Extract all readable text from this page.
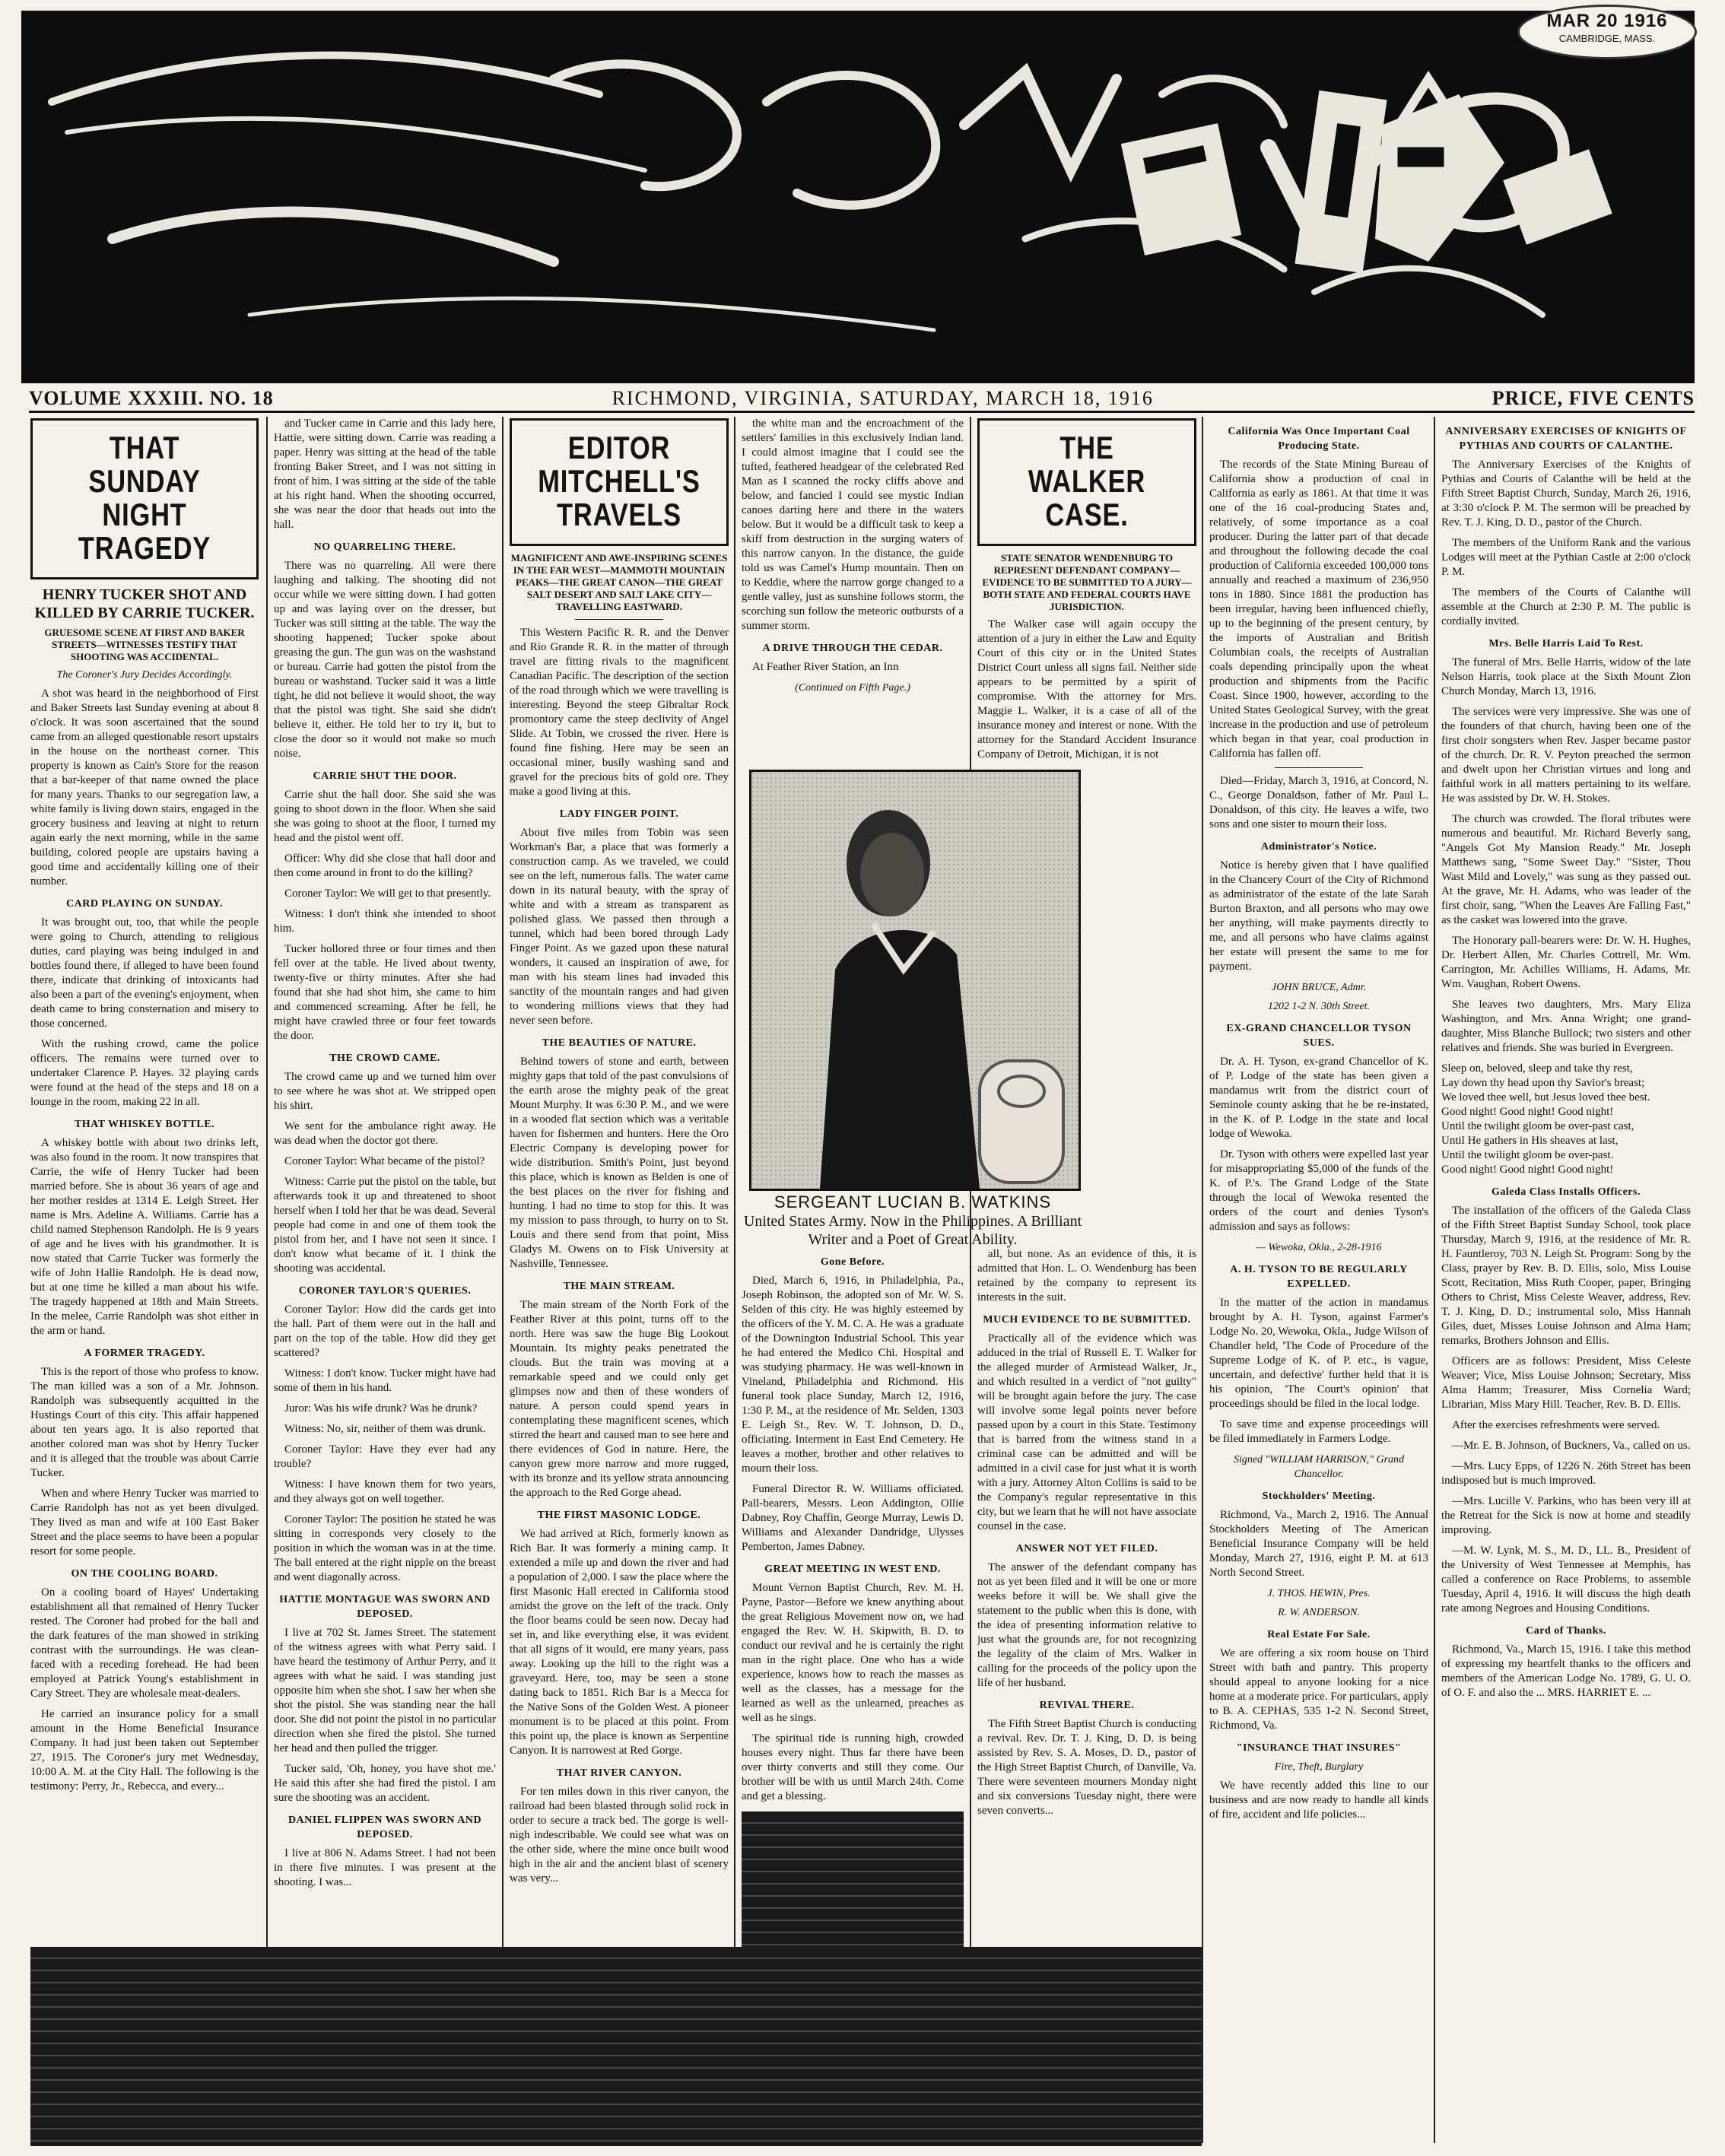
MAR 20 1916
CAMBRIDGE, MASS.
VOLUME XXXIII. NO. 18	RICHMOND, VIRGINIA, SATURDAY, MARCH 18, 1916	PRICE, FIVE CENTS
THAT SUNDAY NIGHT TRAGEDY
HENRY TUCKER SHOT AND KILLED BY CARRIE TUCKER.
GRUESOME SCENE AT FIRST AND BAKER STREETS—WITNESSES TESTIFY THAT SHOOTING WAS ACCIDENTAL.
The Coroner's Jury Decides Accordingly.

A shot was heard in the neighborhood of First and Baker Streets last Sunday evening at about 8 o'clock. It was soon ascertained that the sound came from an alleged questionable resort upstairs in the house on the northeast corner. This property is known as Cain's Store for the reason that a bar-keeper of that name owned the place for many years. Thanks to our segregation law, a white family is living down stairs, engaged in the grocery business and leaving at night to return again early the next morning, while in the same building, colored people are upstairs having a good time and accidentally killing one of their number.

CARD PLAYING ON SUNDAY.

It was brought out, too, that while the people were going to Church, attending to religious duties, card playing was being indulged in and bottles found there, if alleged to have been found there, indicate that drinking of intoxicants had also been a part of the evening's enjoyment, when death came to bring consternation and misery to those concerned.

With the rushing crowd, came the police officers. The remains were turned over to undertaker Clarence P. Hayes. 32 playing cards were found at the head of the steps and 18 on a lounge in the room, making 22 in all.

THAT WHISKEY BOTTLE.

A whiskey bottle with about two drinks left, was also found in the room. It now transpires that Carrie, the wife of Henry Tucker had been married before. She is about 36 years of age and her mother resides at 1314 E. Leigh Street. Her name is Mrs. Adeline A. Williams. Carrie has a child named Stephenson Randolph. He is 9 years of age and he lives with his grandmother. It is now stated that Carrie Tucker was formerly the wife of John Hallie Randolph. He is dead now, but at one time he killed a man about his wife. The tragedy happened at 18th and Main Streets. In the melee, Carrie Randolph was shot either in the arm or hand.

A FORMER TRAGEDY.

This is the report of those who profess to know. The man killed was a son of a Mr. Johnson. Randolph was subsequently acquitted in the Hustings Court of this city. This affair happened about ten years ago. It is also reported that another colored man was shot by Henry Tucker and it is alleged that the trouble was about Carrie Tucker.

When and where Henry Tucker was married to Carrie Randolph has not as yet been divulged. They lived as man and wife at 100 East Baker Street and the place seems to have been a popular resort for some people.

ON THE COOLING BOARD.

On a cooling board of Hayes' Undertaking establishment all that remained of Henry Tucker rested. The Coroner had probed for the ball and the dark features of the man showed in striking contrast with the surroundings. He was clean-faced with a receding forehead. He had been employed at Patrick Young's establishment in Cary Street. They are wholesale meat-dealers.

He carried an insurance policy for a small amount in the Home Beneficial Insurance Company. It had just been taken out September 27, 1915. The Coroner's jury met Wednesday, 10:00 A. M. at the City Hall. The following is the testimony: Perry, Jr., Rebecca, and every...

and Tucker came in Carrie and this lady here, Hattie, were sitting down. Carrie was reading a paper. Henry was sitting at the head of the table fronting Baker Street, and I was not sitting in front of him. I was sitting at the side of the table at his right hand. When the shooting occurred, she was near the door that heads out into the hall.

NO QUARRELING THERE.

There was no quarreling. All were there laughing and talking. The shooting did not occur while we were sitting down. I had gotten up and was laying over on the dresser, but Tucker was still sitting at the table. The way the shooting happened; Tucker spoke about greasing the gun. The gun was on the washstand or bureau. Carrie had gotten the pistol from the bureau or washstand. Tucker said it was a little tight, he did not believe it would shoot, the way that the pistol was tight. She said she didn't believe it, either. He told her to try it, but to close the door so it would not make so much noise.

CARRIE SHUT THE DOOR.

Carrie shut the hall door. She said she was going to shoot down in the floor. When she said she was going to shoot at the floor, I turned my head and the pistol went off.

Officer: Why did she close that hall door and then come around in front to do the killing?

Coroner Taylor: We will get to that presently.

Witness: I don't think she intended to shoot him.

Tucker hollored three or four times and then fell over at the table. He lived about twenty, twenty-five or thirty minutes. After she had found that she had shot him, she came to him and commenced screaming. After he fell, he might have crawled three or four feet towards the door.

THE CROWD CAME.

The crowd came up and we turned him over to see where he was shot at. We stripped open his shirt.

We sent for the ambulance right away. He was dead when the doctor got there.

Coroner Taylor: What became of the pistol?

Witness: Carrie put the pistol on the table, but afterwards took it up and threatened to shoot herself when I told her that he was dead. Several people had come in and one of them took the pistol from her, and I have not seen it since. I don't know what became of it. I think the shooting was accidental.

CORONER TAYLOR'S QUERIES.

Coroner Taylor: How did the cards get into the hall. Part of them were out in the hall and part on the top of the table. How did they get scattered?

Witness: I don't know. Tucker might have had some of them in his hand.

Juror: Was his wife drunk? Was he drunk?

Witness: No, sir, neither of them was drunk.

Coroner Taylor: Have they ever had any trouble?

Witness: I have known them for two years, and they always got on well together.

Coroner Taylor: The position he stated he was sitting in corresponds very closely to the position in which the woman was in at the time. The ball entered at the right nipple on the breast and went diagonally across.

HATTIE MONTAGUE WAS SWORN AND DEPOSED.

I live at 702 St. James Street. The statement of the witness agrees with what Perry said. I have heard the testimony of Arthur Perry, and it agrees with what he said. I was standing just opposite him when she shot. I saw her when she shot the pistol. She was standing near the hall door. She did not point the pistol in no particular direction when she fired the pistol. She turned her head and then pulled the trigger.

Tucker said, 'Oh, honey, you have shot me.' He said this after she had fired the pistol. I am sure the shooting was an accident.

DANIEL FLIPPEN WAS SWORN AND DEPOSED.

I live at 806 N. Adams Street. I had not been in there five minutes. I was present at the shooting. I was...

EDITOR MITCHELL'S TRAVELS
MAGNIFICENT AND AWE-INSPIRING SCENES IN THE FAR WEST—MAMMOTH MOUNTAIN PEAKS—THE GREAT CANON—THE GREAT SALT DESERT AND SALT LAKE CITY—TRAVELLING EASTWARD.

This Western Pacific R. R. and the Denver and Rio Grande R. R. in the matter of through travel are fitting rivals to the magnificent Canadian Pacific. The description of the section of the road through which we were travelling is interesting. Beyond the steep Gibraltar Rock promontory came the steep declivity of Angel Slide. At Tobin, we crossed the river. Here is found fine fishing. Here may be seen an occasional miner, busily washing sand and gravel for the precious bits of gold ore. They make a good living at this.

LADY FINGER POINT.

About five miles from Tobin was seen Workman's Bar, a place that was formerly a construction camp. As we traveled, we could see on the left, numerous falls. The water came down in its natural beauty, with the spray of white and with a stream as transparent as polished glass. We passed then through a tunnel, which had been bored through Lady Finger Point. As we gazed upon these natural wonders, it caused an inspiration of awe, for man with his steam lines had invaded this sanctity of the mountain ranges and had given to wondering millions views that they had never seen before.

THE BEAUTIES OF NATURE.

Behind towers of stone and earth, between mighty gaps that told of the past convulsions of the earth arose the mighty peak of the great Mount Murphy. It was 6:30 P. M., and we were in a wooded flat section which was a veritable haven for fishermen and hunters. Here the Oro Electric Company is developing power for wide distribution. Smith's Point, just beyond this place, which is known as Belden is one of the best places on the river for fishing and hunting. I had no time to stop for this. It was my mission to pass through, to hurry on to St. Louis and there send from that point, Miss Gladys M. Owens on to Fisk University at Nashville, Tennessee.

THE MAIN STREAM.

The main stream of the North Fork of the Feather River at this point, turns off to the north. Here was saw the huge Big Lookout Mountain. Its mighty peaks penetrated the clouds. But the train was moving at a remarkable speed and we could only get glimpses now and then of these wonders of nature. A person could spend years in contemplating these magnificent scenes, which stirred the heart and caused man to see here and there evidences of God in nature. Here, the canyon grew more narrow and more rugged, with its bronze and its yellow strata announcing the approach to the Red Gorge ahead.

THE FIRST MASONIC LODGE.

We had arrived at Rich, formerly known as Rich Bar. It was formerly a mining camp. It extended a mile up and down the river and had a population of 2,000. I saw the place where the first Masonic Hall erected in California stood amidst the grove on the left of the track. Only the floor beams could be seen now. Decay had set in, and like everything else, it was evident that all signs of it would, ere many years, pass away. Looking up the hill to the right was a graveyard. Here, too, may be seen a stone dating back to 1851. Rich Bar is a Mecca for the Native Sons of the Golden West. A pioneer monument is to be placed at this point. From this point up, the place is known as Serpentine Canyon. It is narrowest at Red Gorge.

THAT RIVER CANYON.

For ten miles down in this river canyon, the railroad had been blasted through solid rock in order to secure a track bed. The gorge is well-nigh indescribable. We could see what was on the other side, where the mine once built wood high in the air and the ancient blast of scenery was very...

the white man and the encroachment of the settlers' families in this exclusively Indian land. I could almost imagine that I could see the tufted, feathered headgear of the celebrated Red Man as I scanned the rocky cliffs above and below, and fancied I could see mystic Indian canoes darting here and there in the waters below. But it would be a difficult task to keep a skiff from destruction in the surging waters of this narrow canyon. In the distance, the guide told us was Camel's Hump mountain. Then on to Keddie, where the narrow gorge changed to a gentle valley, just as sunshine follows storm, the scorching sun follow the meteoric outbursts of a summer storm.

A DRIVE THROUGH THE CEDAR.

At Feather River Station, an Inn

(Continued on Fifth Page.)
THE WALKER CASE.
STATE SENATOR WENDENBURG TO REPRESENT DEFENDANT COMPANY—EVIDENCE TO BE SUBMITTED TO A JURY—BOTH STATE AND FEDERAL COURTS HAVE JURISDICTION.

The Walker case will again occupy the attention of a jury in either the Law and Equity Court of this city or in the United States District Court unless all signs fail. Neither side appears to be permitted by a spirit of compromise. With the attorney for Mrs. Maggie L. Walker, it is a case of all of the insurance money and interest or none. With the attorney for the Standard Accident Insurance Company of Detroit, Michigan, it is not

SERGEANT LUCIAN B. WATKINS
United States Army. Now in the Philippines. A Brilliant Writer and a Poet of Great Ability.
Gone Before.

Died, March 6, 1916, in Philadelphia, Pa., Joseph Robinson, the adopted son of Mr. W. S. Selden of this city. He was highly esteemed by the officers of the Y. M. C. A. He was a graduate of the Downington Industrial School. This year he had entered the Medico Chi. Hospital and was studying pharmacy. He was well-known in Vineland, Philadelphia and Richmond. His funeral took place Sunday, March 12, 1916, 1:30 P. M., at the residence of Mr. Selden, 1303 E. Leigh St., Rev. W. T. Johnson, D. D., officiating. Interment in East End Cemetery. He leaves a mother, brother and other relatives to mourn their loss.

Funeral Director R. W. Williams officiated. Pall-bearers, Messrs. Leon Addington, Ollie Dabney, Roy Chaffin, George Murray, Lewis D. Williams and Alexander Dandridge, Ulysses Pemberton, James Dabney.

GREAT MEETING IN WEST END.

Mount Vernon Baptist Church, Rev. M. H. Payne, Pastor—Before we knew anything about the great Religious Movement now on, we had engaged the Rev. W. H. Skipwith, B. D. to conduct our revival and he is certainly the right man in the right place. One who has a wide experience, knows how to reach the masses as well as the classes, has a message for the learned as well as the unlearned, preaches as well as he sings.

The spiritual tide is running high, crowded houses every night. Thus far there have been over thirty converts and still they come. Our brother will be with us until March 24th. Come and get a blessing.

all, but none. As an evidence of this, it is admitted that Hon. L. O. Wendenburg has been retained by the company to represent its interests in the suit.

MUCH EVIDENCE TO BE SUBMITTED.

Practically all of the evidence which was adduced in the trial of Russell E. T. Walker for the alleged murder of Armistead Walker, Jr., and which resulted in a verdict of "not guilty" will be brought again before the jury. The case will involve some legal points never before passed upon by a court in this State. Testimony that is barred from the witness stand in a criminal case can be admitted and will be admitted in a civil case for just what it is worth with a jury. Attorney Alton Collins is said to be the Company's regular representative in this city, but we learn that he will not have associate counsel in the case.

ANSWER NOT YET FILED.

The answer of the defendant company has not as yet been filed and it will be one or more weeks before it will be. We shall give the statement to the public when this is done, with the idea of presenting information relative to just what the grounds are, for not recognizing the legality of the claim of Mrs. Walker in calling for the proceeds of the policy upon the life of her husband.

REVIVAL THERE.

The Fifth Street Baptist Church is conducting a revival. Rev. Dr. T. J. King, D. D. is being assisted by Rev. S. A. Moses, D. D., pastor of the High Street Baptist Church, of Danville, Va. There were seventeen mourners Monday night and six conversions Tuesday night, there were seven converts...

California Was Once Important Coal Producing State.

The records of the State Mining Bureau of California show a production of coal in California as early as 1861. At that time it was one of the 16 coal-producing States and, relatively, of some importance as a coal producer. During the latter part of that decade and throughout the following decade the coal production of California exceeded 100,000 tons annually and reached a maximum of 236,950 tons in 1880. Since 1881 the production has been irregular, having been influenced chiefly, up to the beginning of the present century, by the imports of Australian and British Columbian coals, the receipts of Australian coals depending principally upon the wheat production and shipments from the Pacific Coast. Since 1900, however, according to the United States Geological Survey, with the great increase in the production and use of petroleum which began in that year, coal production in California has fallen off.

Died—Friday, March 3, 1916, at Concord, N. C., George Donaldson, father of Mr. Paul L. Donaldson, of this city. He leaves a wife, two sons and one sister to mourn their loss.

Administrator's Notice.

Notice is hereby given that I have qualified in the Chancery Court of the City of Richmond as administrator of the estate of the late Sarah Burton Braxton, and all persons who may owe her anything, will make payments directly to me, and all persons who have claims against her estate will present the same to me for payment.

JOHN BRUCE, Admr.
1202 1-2 N. 30th Street.
EX-GRAND CHANCELLOR TYSON SUES.

Dr. A. H. Tyson, ex-grand Chancellor of K. of P. Lodge of the state has been given a mandamus writ from the district court of Seminole county asking that he be re-instated, in the K. of P. Lodge in the state and local lodge of Wewoka.

Dr. Tyson with others were expelled last year for misappropriating $5,000 of the funds of the K. of P.'s. The Grand Lodge of the State through the local of Wewoka resented the orders of the court and denies Tyson's admission and says as follows:

— Wewoka, Okla., 2-28-1916
A. H. TYSON TO BE REGULARLY EXPELLED.

In the matter of the action in mandamus brought by A. H. Tyson, against Farmer's Lodge No. 20, Wewoka, Okla., Judge Wilson of Chandler held, 'The Code of Procedure of the Supreme Lodge of K. of P. etc., is vague, uncertain, and defective' further held that it is his opinion, 'The Court's opinion' that proceedings should be filed in the local lodge.

To save time and expense proceedings will be filed immediately in Farmers Lodge.

Signed "WILLIAM HARRISON," Grand Chancellor.
Stockholders' Meeting.

Richmond, Va., March 2, 1916. The Annual Stockholders Meeting of The American Beneficial Insurance Company will be held Monday, March 27, 1916, eight P. M. at 613 North Second Street.

J. THOS. HEWIN, Pres.
R. W. ANDERSON.
Real Estate For Sale.

We are offering a six room house on Third Street with bath and pantry. This property should appeal to anyone looking for a nice home at a moderate price. For particulars, apply to B. A. CEPHAS, 535 1-2 N. Second Street, Richmond, Va.

"INSURANCE THAT INSURES"
Fire, Theft, Burglary

We have recently added this line to our business and are now ready to handle all kinds of fire, accident and life policies...

ANNIVERSARY EXERCISES OF KNIGHTS OF PYTHIAS AND COURTS OF CALANTHE.

The Anniversary Exercises of the Knights of Pythias and Courts of Calanthe will be held at the Fifth Street Baptist Church, Sunday, March 26, 1916, at 3:30 o'clock P. M. The sermon will be preached by Rev. T. J. King, D. D., pastor of the Church.

The members of the Uniform Rank and the various Lodges will meet at the Pythian Castle at 2:00 o'clock P. M.

The members of the Courts of Calanthe will assemble at the Church at 2:30 P. M. The public is cordially invited.

Mrs. Belle Harris Laid To Rest.

The funeral of Mrs. Belle Harris, widow of the late Nelson Harris, took place at the Sixth Mount Zion Church Monday, March 13, 1916.

The services were very impressive. She was one of the founders of that church, having been one of the first choir songsters when Rev. Jasper became pastor of the church. Dr. R. V. Peyton preached the sermon and dwelt upon her Christian virtues and long and faithful work in all matters pertaining to its welfare. He was assisted by Dr. W. H. Stokes.

The church was crowded. The floral tributes were numerous and beautiful. Mr. Richard Beverly sang, "Angels Got My Mansion Ready." Mr. Joseph Matthews sang, "Some Sweet Day." "Sister, Thou Wast Mild and Lovely," was sung as they passed out. At the grave, Mr. H. Adams, who was leader of the first choir, sang, "When the Leaves Are Falling Fast," as the casket was lowered into the grave.

The Honorary pall-bearers were: Dr. W. H. Hughes, Dr. Herbert Allen, Mr. Charles Cottrell, Mr. Wm. Carrington, Mr. Achilles Williams, H. Adams, Mr. Wm. Vaughan, Robert Owens.

She leaves two daughters, Mrs. Mary Eliza Washington, and Mrs. Anna Wright; one grand-daughter, Miss Blanche Bullock; two sisters and other relatives and friends. She was buried in Evergreen.

Sleep on, beloved, sleep and take thy rest,
Lay down thy head upon thy Savior's breast;
We loved thee well, but Jesus loved thee best.
Good night! Good night! Good night!
Until the twilight gloom be over-past cast,
Until He gathers in His sheaves at last,
Until the twilight gloom be over-past.
Good night! Good night! Good night!

Galeda Class Installs Officers.

The installation of the officers of the Galeda Class of the Fifth Street Baptist Sunday School, took place Thursday, March 9, 1916, at the residence of Mr. R. H. Fauntleroy, 703 N. Leigh St. Program: Song by the Class, prayer by Rev. B. D. Ellis, solo, Miss Louise Scott, Recitation, Miss Ruth Cooper, paper, Bringing Others to Christ, Miss Celeste Weaver, address, Rev. T. J. King, D. D.; instrumental solo, Miss Hannah Giles, duet, Misses Louise Johnson and Alma Ham; remarks, Brothers Johnson and Ellis.

Officers are as follows: President, Miss Celeste Weaver; Vice, Miss Louise Johnson; Secretary, Miss Alma Hamm; Treasurer, Miss Cornelia Ward; Librarian, Miss Mary Hill. Teacher, Rev. B. D. Ellis.

After the exercises refreshments were served.

—Mr. E. B. Johnson, of Buckners, Va., called on us.

—Mrs. Lucy Epps, of 1226 N. 26th Street has been indisposed but is much improved.

—Mrs. Lucille V. Parkins, who has been very ill at the Retreat for the Sick is now at home and steadily improving.

—M. W. Lynk, M. S., M. D., LL. B., President of the University of West Tennessee at Memphis, has called a conference on Race Problems, to assemble Tuesday, April 4, 1916. It will discuss the high death rate among Negroes and Housing Conditions.

Card of Thanks.

Richmond, Va., March 15, 1916. I take this method of expressing my heartfelt thanks to the officers and members of the American Lodge No. 1789, G. U. O. of O. F. and also the ... MRS. HARRIET E. ...
